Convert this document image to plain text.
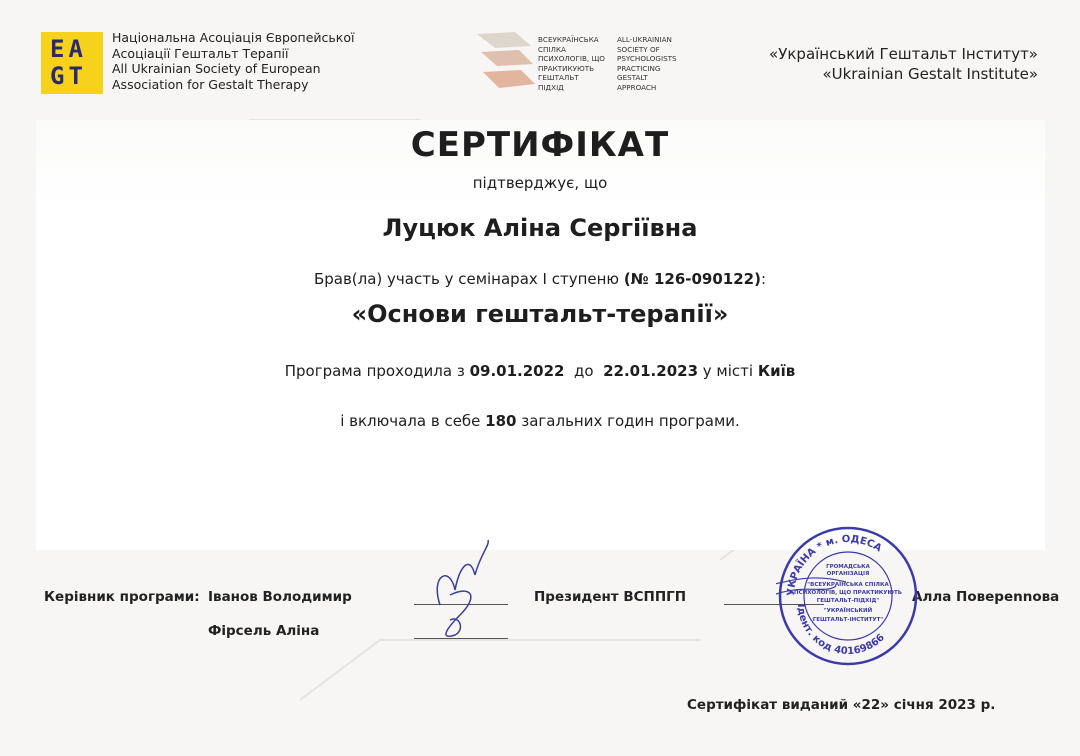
EAGT
Національна Асоціація Європейської
Асоціації Гештальт Терапії
All Ukrainian Society of European
Association for Gestalt Therapy
ВСЕУКРАЇНСЬКА
СПІЛКА
ПСИХОЛОГІВ, ЩО
ПРАКТИКУЮТЬ
ГЕШТАЛЬТ
ПІДХІД
ALL-UKRAINIAN
SOCIETY OF
PSYCHOLOGISTS
PRACTICING
GESTALT
APPROACH
«Український Гештальт Інститут»
«Ukrainian Gestalt Institute»
СЕРТИФІКАТ
підтверджує, що
Луцюк Аліна Сергіївна
Брав(ла) участь у семінарах І ступеню (№ 126-090122):
«Основи гештальт-терапії»
Програма проходила з 09.01.2022  до  22.01.2023 у місті Київ
і включала в себе 180 загальних годин програми.
Керівник програми: Іванов Володимир
Фірсель Аліна
Президент ВСППГП	Алла Поверennова
УКРАЇНА * м. ОДЕСА
Ідент. код 40169866
ГРОМАДСЬКА
ОРГАНІЗАЦІЯ
"ВСЕУКРАЇНСЬКА СПІЛКА
ПСИХОЛОГІВ, ЩО ПРАКТИКУЮТЬ
ГЕШТАЛЬТ-ПІДХІД"
"УКРАЇНСЬКИЙ
ГЕШТАЛЬТ-ІНСТИТУТ"
Сертифікат виданий «22» січня 2023 р.
